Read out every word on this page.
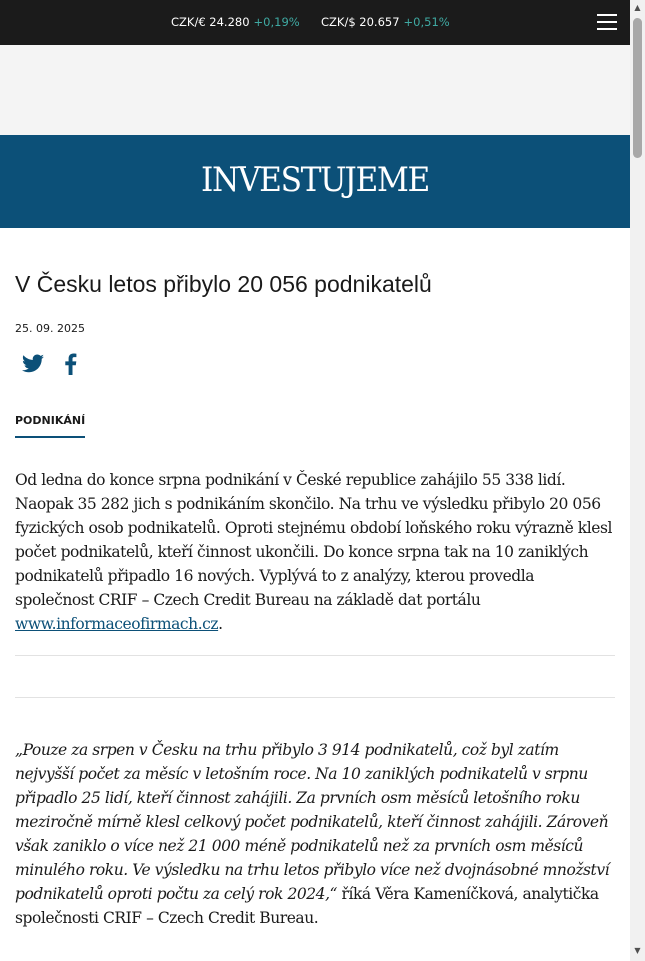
CZK/€ 24.280 +0,19% CZK/$ 20.657 +0,51%
INVESTUJEME
V Česku letos přibylo 20 056 podnikatelů
25. 09. 2025
PODNIKÁNÍ

Od ledna do konce srpna podnikání v České republice zahájilo 55 338 lidí. Naopak 35 282 jich s podnikáním skončilo. Na trhu ve výsledku přibylo 20 056 fyzických osob podnikatelů. Oproti stejnému období loňského roku výrazně klesl počet podnikatelů, kteří činnost ukončili. Do konce srpna tak na 10 zaniklých podnikatelů připadlo 16 nových. Vyplývá to z analýzy, kterou provedla společnost CRIF – Czech Credit Bureau na základě dat portálu www.informaceofirmach.cz.

„Pouze za srpen v Česku na trhu přibylo 3 914 podnikatelů, což byl zatím nejvyšší počet za měsíc v letošním roce. Na 10 zaniklých podnikatelů v srpnu připadlo 25 lidí, kteří činnost zahájili. Za prvních osm měsíců letošního roku meziročně mírně klesl celkový počet podnikatelů, kteří činnost zahájili. Zároveň však zaniklo o více než 21 000 méně podnikatelů než za prvních osm měsíců minulého roku. Ve výsledku na trhu letos přibylo více než dvojnásobné množství podnikatelů oproti počtu za celý rok 2024,“ říká Věra Kameníčková, analytička společnosti CRIF – Czech Credit Bureau.

▲
▼
